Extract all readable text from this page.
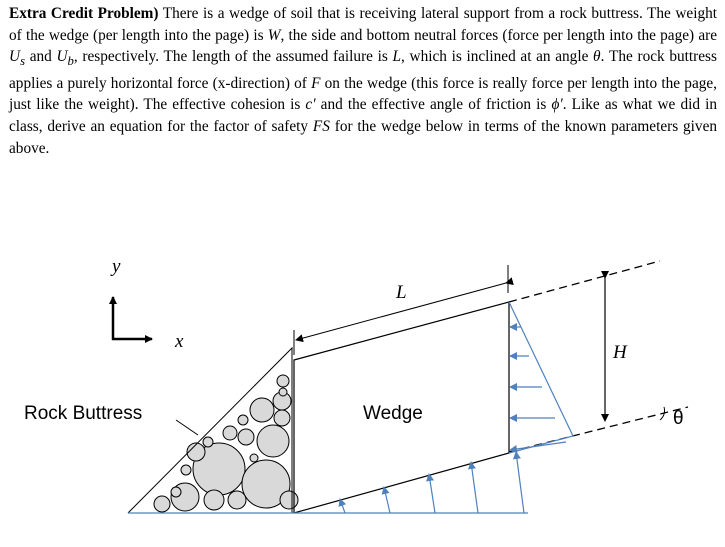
Extra Credit Problem) There is a wedge of soil that is receiving lateral support from a rock buttress. The weight of the wedge (per length into the page) is W, the side and bottom neutral forces (force per length into the page) are $U_s$ and $U_b$, respectively. The length of the assumed failure is L, which is inclined at an angle θ. The rock buttress applies a purely horizontal force (x-direction) of F on the wedge (this force is really force per length into the page, just like the weight). The effective cohesion is c′ and the effective angle of friction is ϕ′. Like as what we did in class, derive an equation for the factor of safety FS for the wedge below in terms of the known parameters given above.
y
x
L
H
θ
Rock Buttress	Wedge
